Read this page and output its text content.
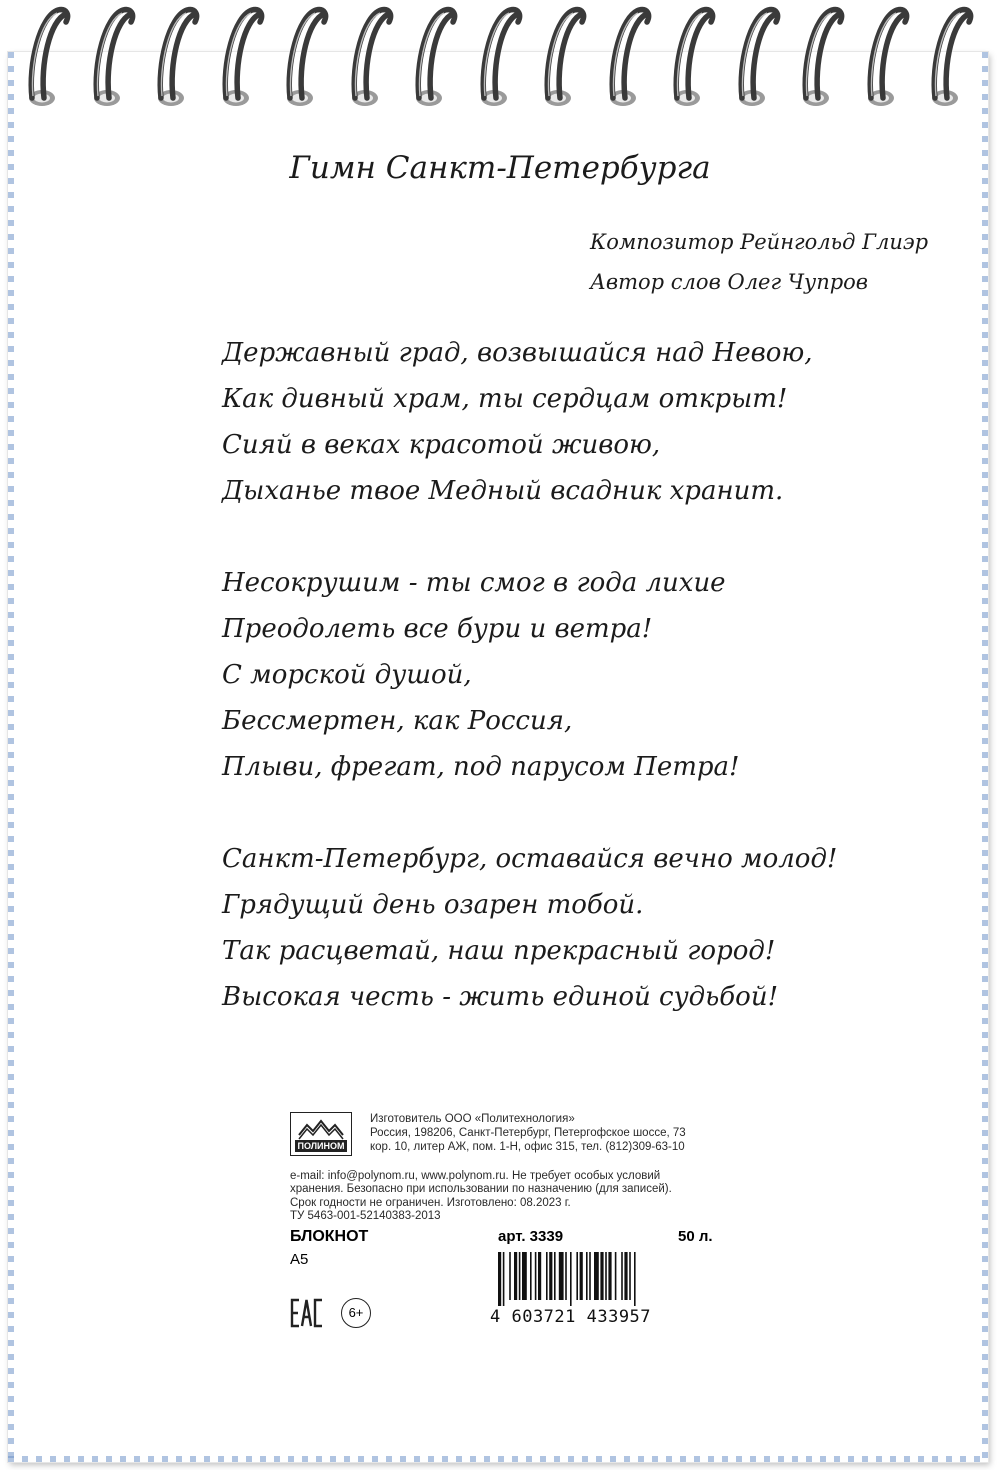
Гимн Санкт-Петербурга
Композитор Рейнгольд Глиэр
Автор слов Олег Чупров
Державный град, возвышайся над Невою,
Как дивный храм, ты сердцам открыт!
Сияй в веках красотой живою,
Дыханье твое Медный всадник хранит.
Несокрушим - ты смог в года лихие
Преодолеть все бури и ветра!
С морской душой,
Бессмертен, как Россия,
Плыви, фрегат, под парусом Петра!
Санкт-Петербург, оставайся вечно молод!
Грядущий день озарен тобой.
Так расцветай, наш прекрасный город!
Высокая честь - жить единой судьбой!
ПОЛИНОМ
Изготовитель ООО «Политехнология»
Россия, 198206, Санкт-Петербург, Петергофское шоссе, 73
кор. 10, литер АЖ, пом. 1-Н, офис 315, тел. (812)309-63-10
e-mail: info@polynom.ru, www.polynom.ru. Не требует особых условий
хранения. Безопасно при использовании по назначению (для записей).
Срок годности не ограничен. Изготовлено: 08.2023 г.
ТУ 5463-001-52140383-2013
БЛОКНОТ
А5
арт. 3339	50 л.
6+	4 603721 433957
